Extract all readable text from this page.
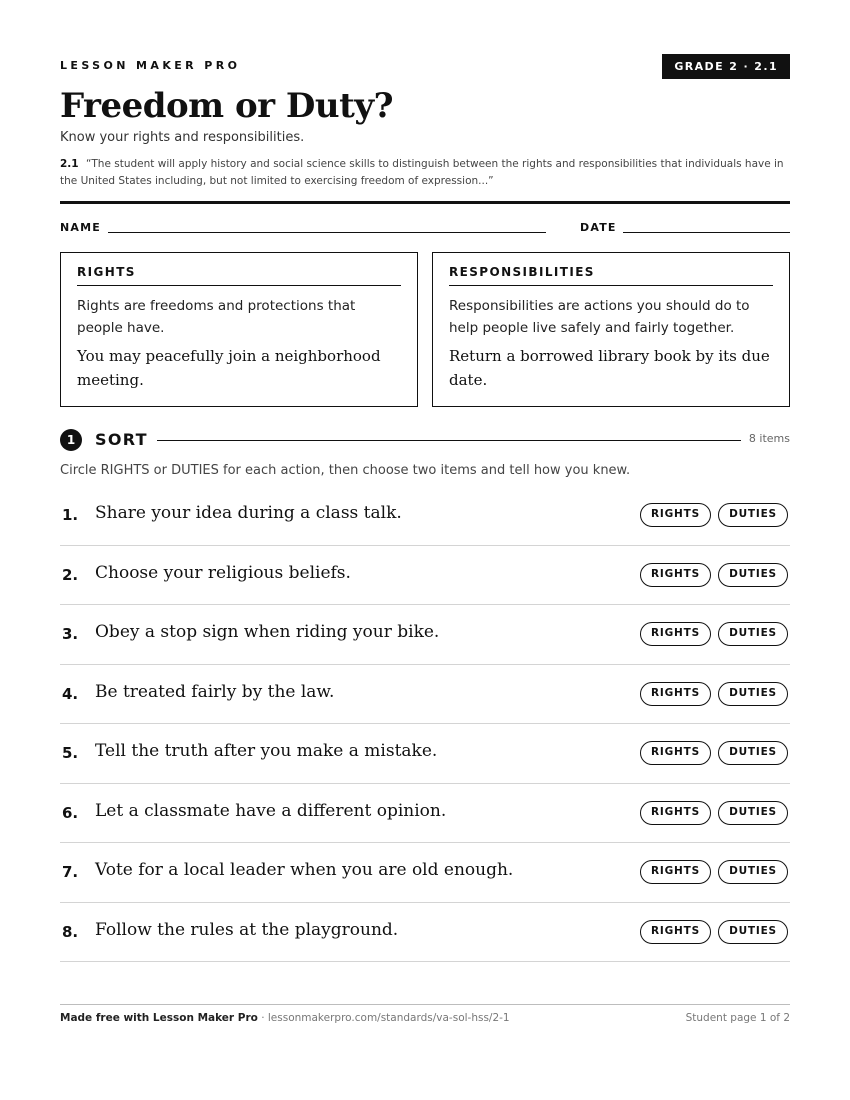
LESSON MAKER PRO	GRADE 2 · 2.1
Freedom or Duty?
Know your rights and responsibilities.
2.1 “The student will apply history and social science skills to distinguish between the rights and responsibilities that individuals have in the United States including, but not limited to exercising freedom of expression...”
NAME	DATE
RIGHTS
Rights are freedoms and protections that people have.
You may peacefully join a neighborhood meeting.
RESPONSIBILITIES
Responsibilities are actions you should do to help people live safely and fairly together.
Return a borrowed library book by its due date.
1	SORT	8 items
Circle RIGHTS or DUTIES for each action, then choose two items and tell how you knew.
1. Share your idea during a class talk.	RIGHTS	DUTIES
2. Choose your religious beliefs.	RIGHTS	DUTIES
3. Obey a stop sign when riding your bike.	RIGHTS	DUTIES
4. Be treated fairly by the law.	RIGHTS	DUTIES
5. Tell the truth after you make a mistake.	RIGHTS	DUTIES
6. Let a classmate have a different opinion.	RIGHTS	DUTIES
7. Vote for a local leader when you are old enough.	RIGHTS	DUTIES
8. Follow the rules at the playground.	RIGHTS	DUTIES
Made free with Lesson Maker Pro · lessonmakerpro.com/standards/va-sol-hss/2-1	Student page 1 of 2
